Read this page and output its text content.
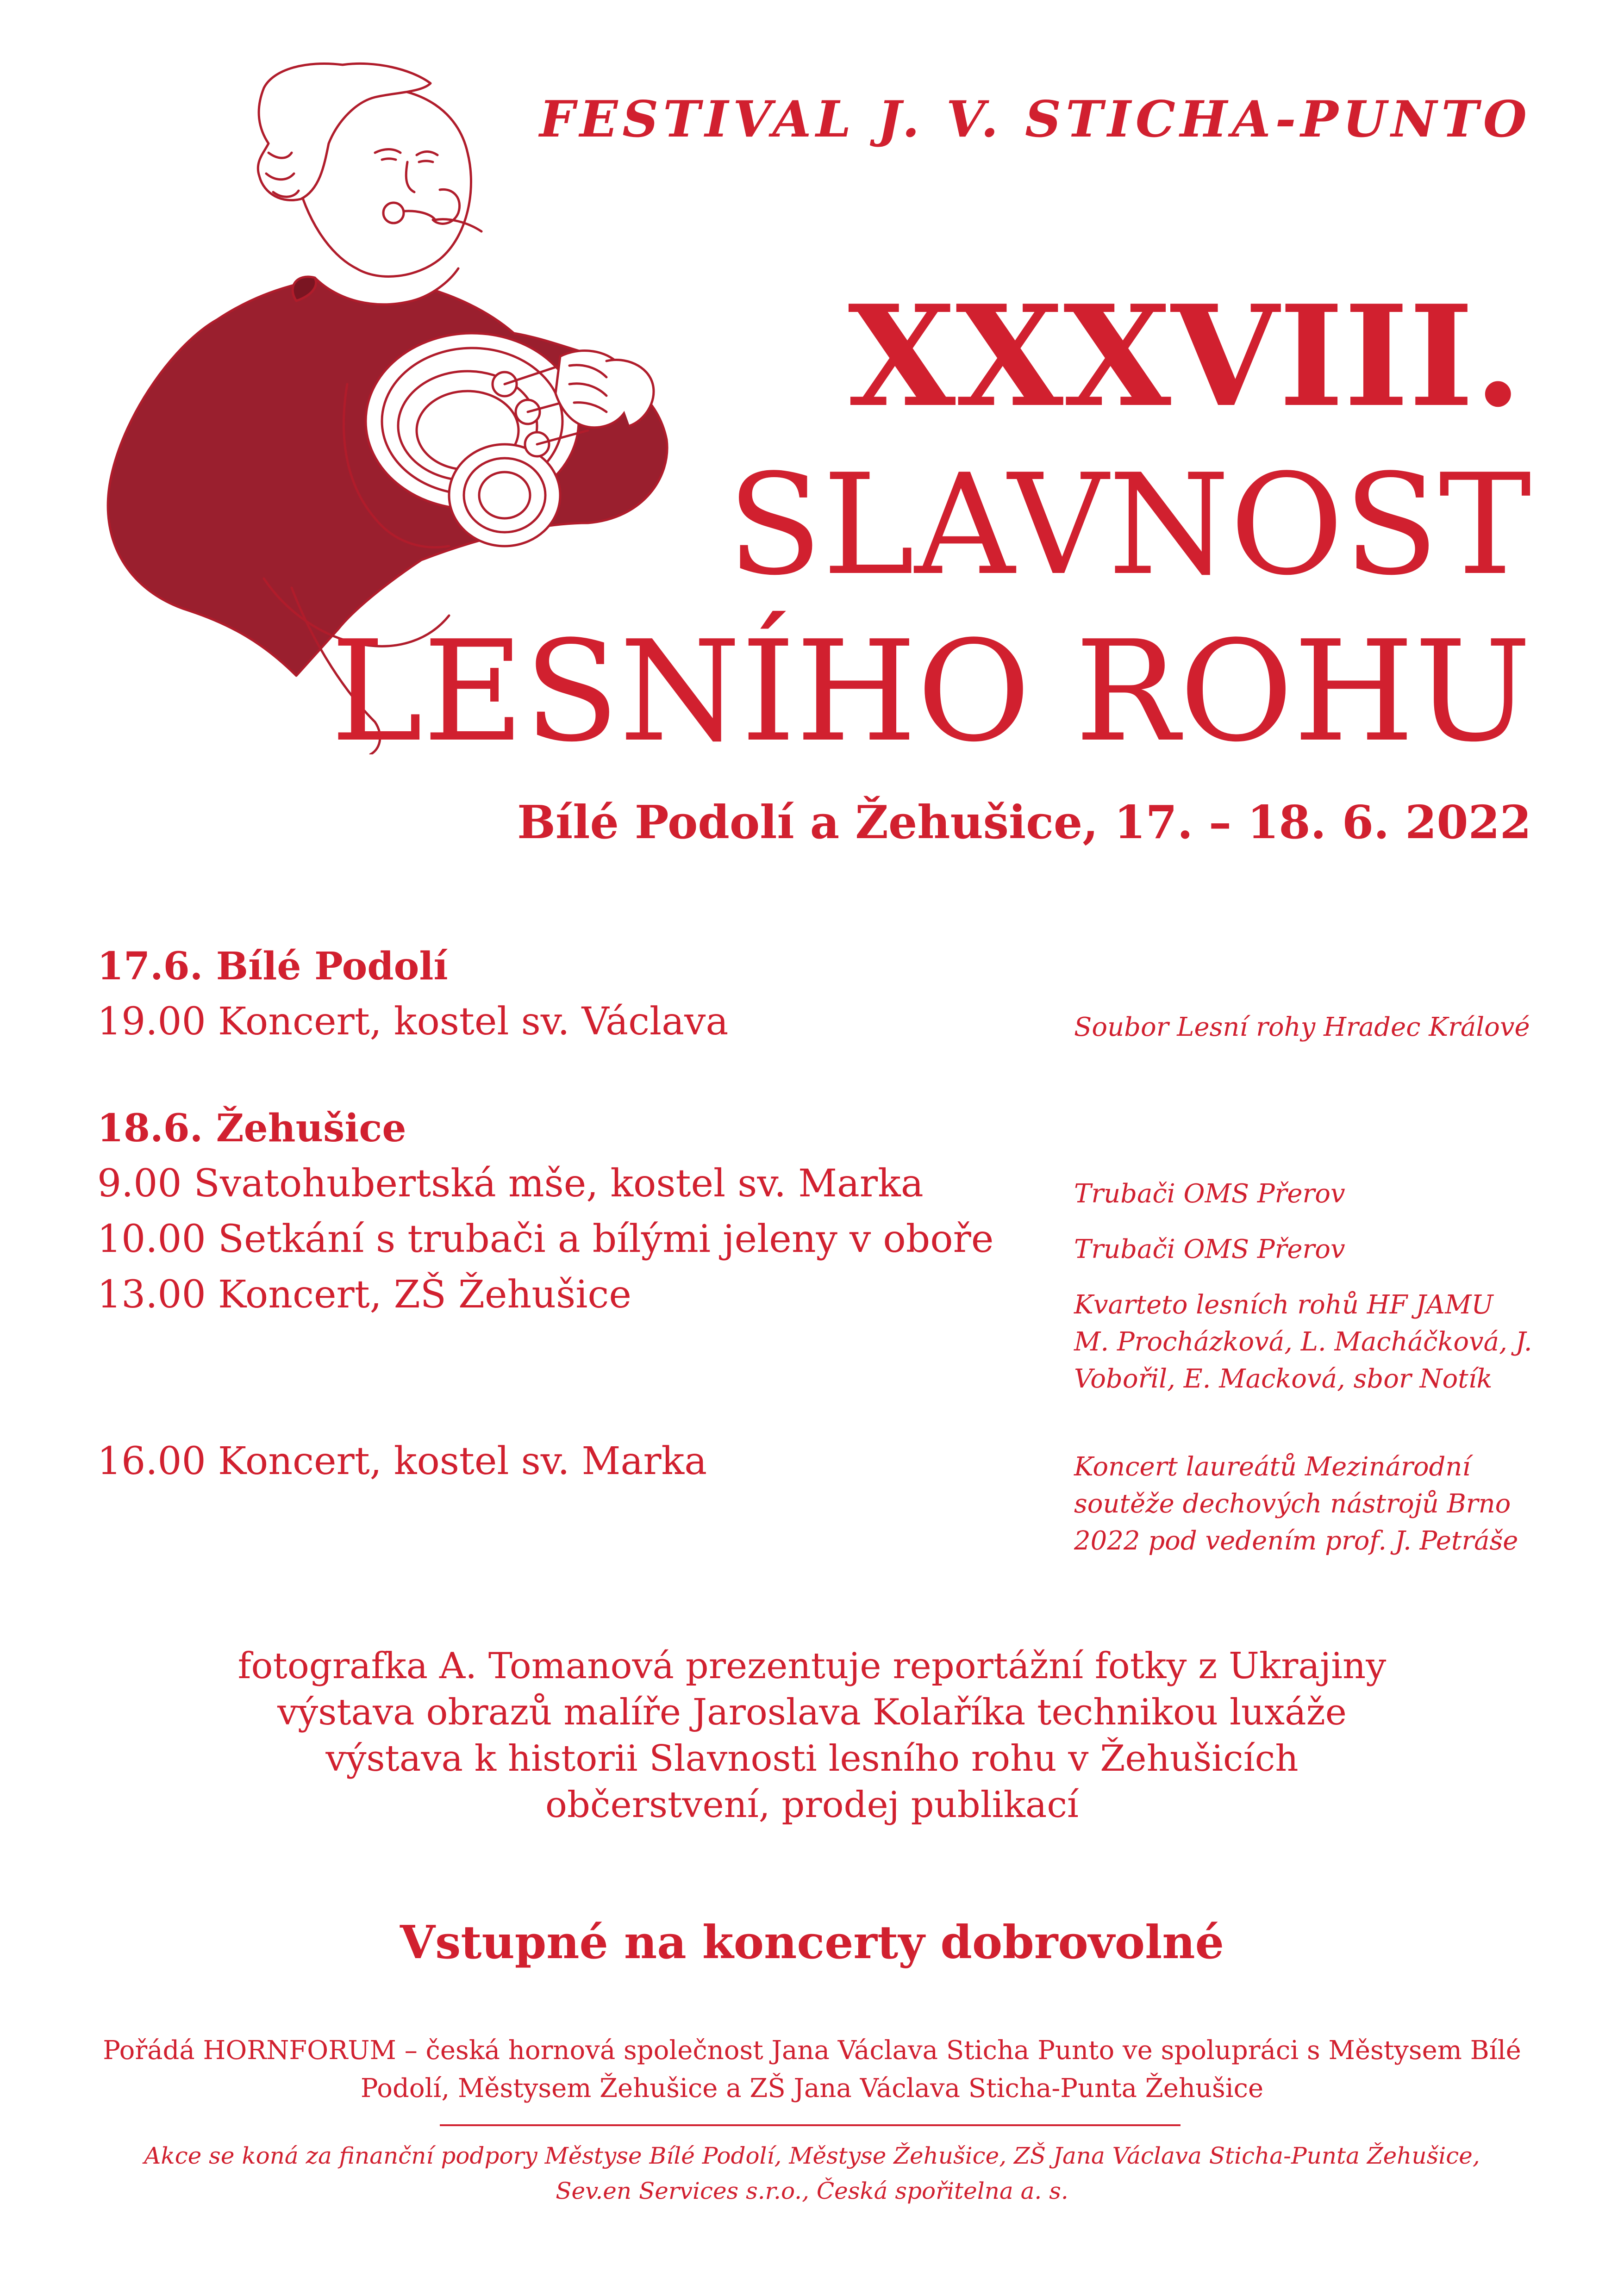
FESTIVAL J. V. STICHA-PUNTO
XXXVIII.
SLAVNOST
LESNÍHO ROHU
Bílé Podolí a Žehušice, 17. – 18. 6. 2022
17.6. Bílé Podolí
19.00 Koncert, kostel sv. Václava	Soubor Lesní rohy Hradec Králové
18.6. Žehušice
9.00 Svatohubertská mše, kostel sv. Marka	Trubači OMS Přerov
10.00 Setkání s trubači a bílými jeleny v oboře	Trubači OMS Přerov
13.00 Koncert, ZŠ Žehušice	Kvarteto lesních rohů HF JAMU
M. Procházková, L. Macháčková, J.
Vobořil, E. Macková, sbor Notík
16.00 Koncert, kostel sv. Marka	Koncert laureátů Mezinárodní
soutěže dechových nástrojů Brno
2022 pod vedením prof. J. Petráše
fotografka A. Tomanová prezentuje reportážní fotky z Ukrajiny
výstava obrazů malíře Jaroslava Kolaříka technikou luxáže
výstava k historii Slavnosti lesního rohu v Žehušicích
občerstvení, prodej publikací
Vstupné na koncerty dobrovolné
Pořádá HORNFORUM – česká hornová společnost Jana Václava Sticha Punto ve spolupráci s Městysem Bílé
Podolí, Městysem Žehušice a ZŠ Jana Václava Sticha-Punta Žehušice
Akce se koná za finanční podpory Městyse Bílé Podolí, Městyse Žehušice, ZŠ Jana Václava Sticha-Punta Žehušice,
Sev.en Services s.r.o., Česká spořitelna a. s.
